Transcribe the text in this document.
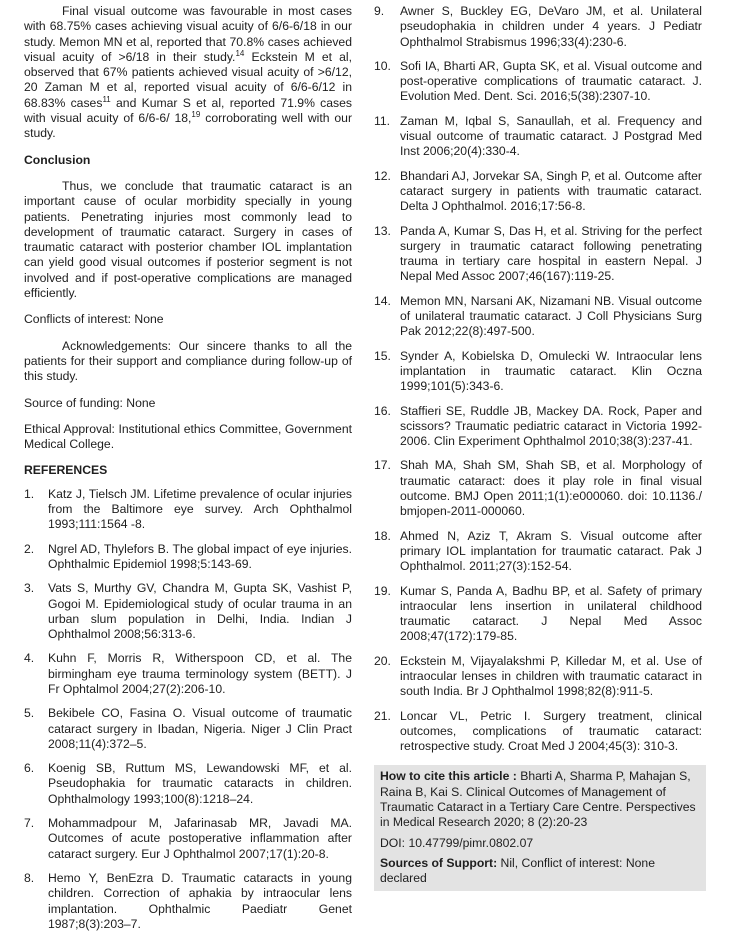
Final visual outcome was favourable in most cases with 68.75% cases achieving visual acuity of 6/6-6/18 in our study. Memon MN et al, reported that 70.8% cases achieved visual acuity of >6/18 in their study.$^{14}$ Eckstein M et al, observed that 67% patients achieved visual acuity of >6/12, 20 Zaman M et al, reported visual acuity of 6/6-6/12 in 68.83% cases$^{11}$ and Kumar S et al, reported 71.9% cases with visual acuity of 6/6-6/ 18,19 corroborating well with our study.

Conclusion

Thus, we conclude that traumatic cataract is an important cause of ocular morbidity specially in young patients. Penetrating injuries most commonly lead to development of traumatic cataract. Surgery in cases of traumatic cataract with posterior chamber IOL implantation can yield good visual outcomes if posterior segment is not involved and if post-operative complications are managed efficiently.

Conflicts of interest: None

Acknowledgements: Our sincere thanks to all the patients for their support and compliance during follow-up of this study.

Source of funding: None

Ethical Approval: Institutional ethics Committee, Government Medical College.

REFERENCES
1.	Katz J, Tielsch JM. Lifetime prevalence of ocular injuries from the Baltimore eye survey. Arch Ophthalmol 1993;111:1564 -8.
2.	Ngrel AD, Thylefors B. The global impact of eye injuries. Ophthalmic Epidemiol 1998;5:143-69.
3.	Vats S, Murthy GV, Chandra M, Gupta SK, Vashist P, Gogoi M. Epidemiological study of ocular trauma in an urban slum population in Delhi, India. Indian J Ophthalmol 2008;56:313-6.
4.	Kuhn F, Morris R, Witherspoon CD, et al. The birmingham eye trauma terminology system (BETT). J Fr Ophtalmol 2004;27(2):206-10.
5.	Bekibele CO, Fasina O. Visual outcome of traumatic cataract surgery in Ibadan, Nigeria. Niger J Clin Pract 2008;11(4):372–5.
6.	Koenig SB, Ruttum MS, Lewandowski MF, et al. Pseudophakia for traumatic cataracts in children. Ophthalmology 1993;100(8):1218–24.
7.	Mohammadpour M, Jafarinasab MR, Javadi MA. Outcomes of acute postoperative inflammation after cataract surgery. Eur J Ophthalmol 2007;17(1):20-8.
8.	Hemo Y, BenEzra D. Traumatic cataracts in young children. Correction of aphakia by intraocular lens implantation. Ophthalmic Paediatr Genet 1987;8(3):203–7.
9.	Awner S, Buckley EG, DeVaro JM, et al. Unilateral pseudophakia in children under 4 years. J Pediatr Ophthalmol Strabismus 1996;33(4):230-6.
10. Sofi IA, Bharti AR, Gupta SK, et al. Visual outcome and post-operative complications of traumatic cataract. J. Evolution Med. Dent. Sci. 2016;5(38):2307-10.
11. Zaman M, Iqbal S, Sanaullah, et al. Frequency and visual outcome of traumatic cataract. J Postgrad Med Inst 2006;20(4):330-4.
12. Bhandari AJ, Jorvekar SA, Singh P, et al. Outcome after cataract surgery in patients with traumatic cataract. Delta J Ophthalmol. 2016;17:56-8.
13. Panda A, Kumar S, Das H, et al. Striving for the perfect surgery in traumatic cataract following penetrating trauma in tertiary care hospital in eastern Nepal. J Nepal Med Assoc 2007;46(167):119-25.
14. Memon MN, Narsani AK, Nizamani NB. Visual outcome of unilateral traumatic cataract. J Coll Physicians Surg Pak 2012;22(8):497-500.
15. Synder A, Kobielska D, Omulecki W. Intraocular lens implantation in traumatic cataract. Klin Oczna 1999;101(5):343-6.
16. Staffieri SE, Ruddle JB, Mackey DA. Rock, Paper and scissors? Traumatic pediatric cataract in Victoria 1992-2006. Clin Experiment Ophthalmol 2010;38(3):237-41.
17. Shah MA, Shah SM, Shah SB, et al. Morphology of traumatic cataract: does it play role in final visual outcome. BMJ Open 2011;1(1):e000060. doi: 10.1136./ bmjopen-2011-000060.
18. Ahmed N, Aziz T, Akram S. Visual outcome after primary IOL implantation for traumatic cataract. Pak J Ophthalmol. 2011;27(3):152-54.
19. Kumar S, Panda A, Badhu BP, et al. Safety of primary intraocular lens insertion in unilateral childhood traumatic cataract. J Nepal Med Assoc 2008;47(172):179-85.
20. Eckstein M, Vijayalakshmi P, Killedar M, et al. Use of intraocular lenses in children with traumatic cataract in south India. Br J Ophthalmol 1998;82(8):911-5.
21. Loncar VL, Petric I. Surgery treatment, clinical outcomes, complications of traumatic cataract: retrospective study. Croat Med J 2004;45(3): 310-3.

How to cite this article : Bharti A, Sharma P, Mahajan S, Raina B, Kai S. Clinical Outcomes of Management of Traumatic Cataract in a Tertiary Care Centre. Perspectives in Medical Research 2020; 8 (2):20-23

DOI: 10.47799/pimr.0802.07

Sources of Support: Nil, Conflict of interest: None declared
